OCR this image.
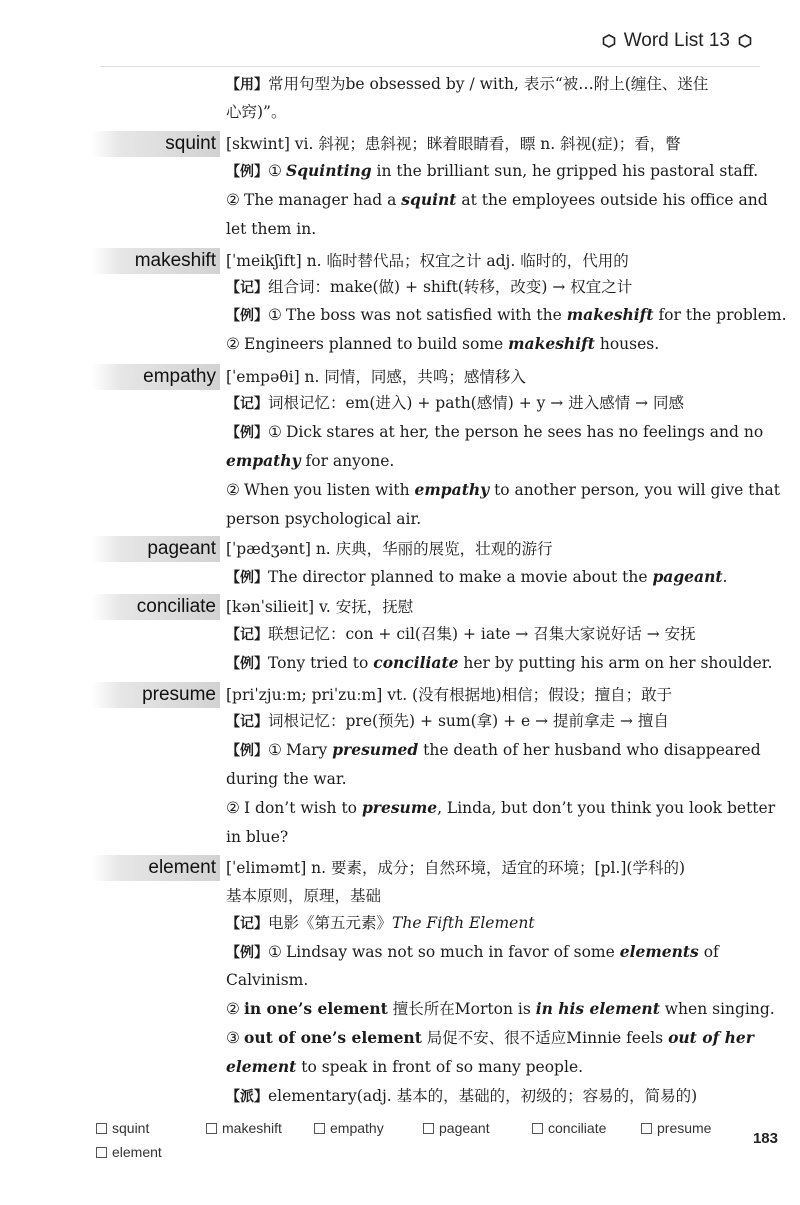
Word List 13
【用】常用句型为be obsessed by / with, 表示“被…附上(缠住、迷住
心窍)”。
squint [skwint] vi. 斜视；患斜视；眯着眼睛看，瞟 n. 斜视(症)；看，瞥
【例】① Squinting in the brilliant sun, he gripped his pastoral staff.
② The manager had a squint at the employees outside his office and
let them in.
makeshift [ˈmeikʃift] n. 临时替代品；权宜之计 adj. 临时的，代用的
【记】组合词：make(做) + shift(转移，改变) → 权宜之计
【例】① The boss was not satisfied with the makeshift for the problem.
② Engineers planned to build some makeshift houses.
empathy [ˈempəθi] n. 同情，同感，共鸣；感情移入
【记】词根记忆：em(进入) + path(感情) + y → 进入感情 → 同感
【例】① Dick stares at her, the person he sees has no feelings and no
empathy for anyone.
② When you listen with empathy to another person, you will give that
person psychological air.
pageant [ˈpædʒənt] n. 庆典，华丽的展览，壮观的游行
【例】The director planned to make a movie about the pageant.
conciliate [kənˈsilieit] v. 安抚，抚慰
【记】联想记忆：con + cil(召集) + iate → 召集大家说好话 → 安抚
【例】Tony tried to conciliate her by putting his arm on her shoulder.
presume [priˈzjuːm; priˈzuːm] vt. (没有根据地)相信；假设；擅自；敢于
【记】词根记忆：pre(预先) + sum(拿) + e → 提前拿走 → 擅自
【例】① Mary presumed the death of her husband who disappeared
during the war.
② I don’t wish to presume, Linda, but don’t you think you look better
in blue?
element [ˈeliməmt] n. 要素，成分；自然环境，适宜的环境；[pl.](学科的)
基本原则，原理，基础
【记】电影《第五元素》The Fifth Element
【例】① Lindsay was not so much in favor of some elements of
Calvinism.
② in one’s element 擅长所在Morton is in his element when singing.
③ out of one’s element 局促不安、很不适应Minnie feels out of her
element to speak in front of so many people.
【派】elementary(adj. 基本的，基础的，初级的；容易的，简易的)
squint	makeshift	empathy	pageant	conciliate	presume
element
183
